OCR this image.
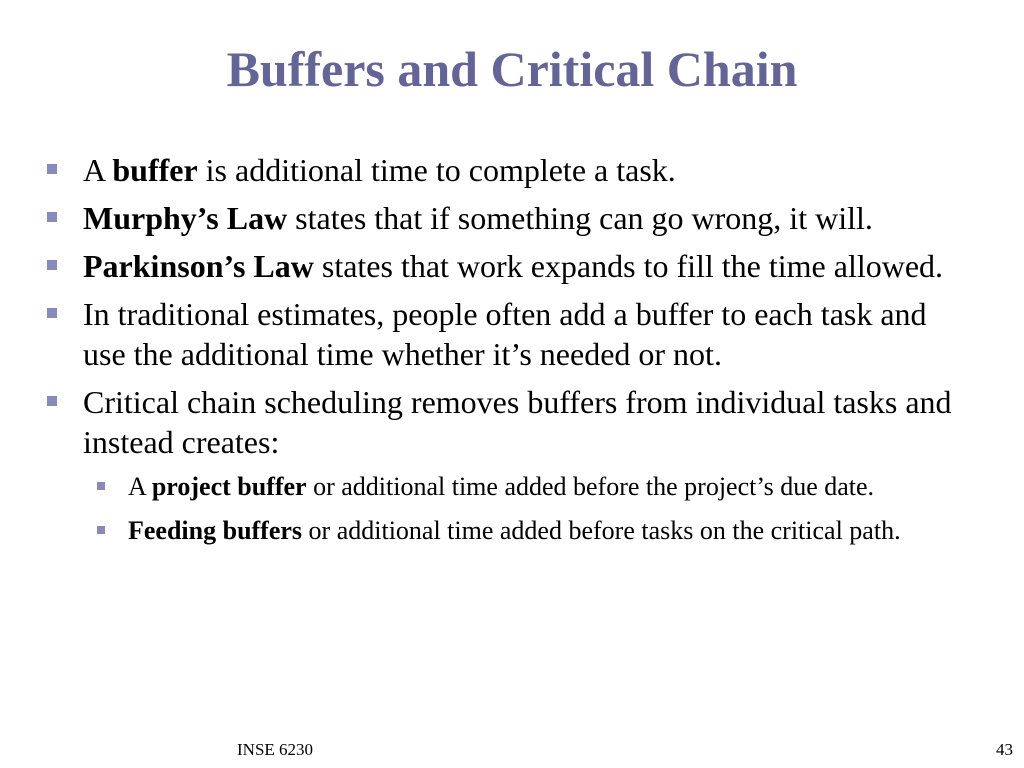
Buffers and Critical Chain
A buffer is additional time to complete a task.
Murphy’s Law states that if something can go wrong, it will.
Parkinson’s Law states that work expands to fill the time allowed.
In traditional estimates, people often add a buffer to each task and use the additional time whether it’s needed or not.
Critical chain scheduling removes buffers from individual tasks and instead creates:
A project buffer or additional time added before the project’s due date.
Feeding buffers or additional time added before tasks on the critical path.
INSE 6230	43
